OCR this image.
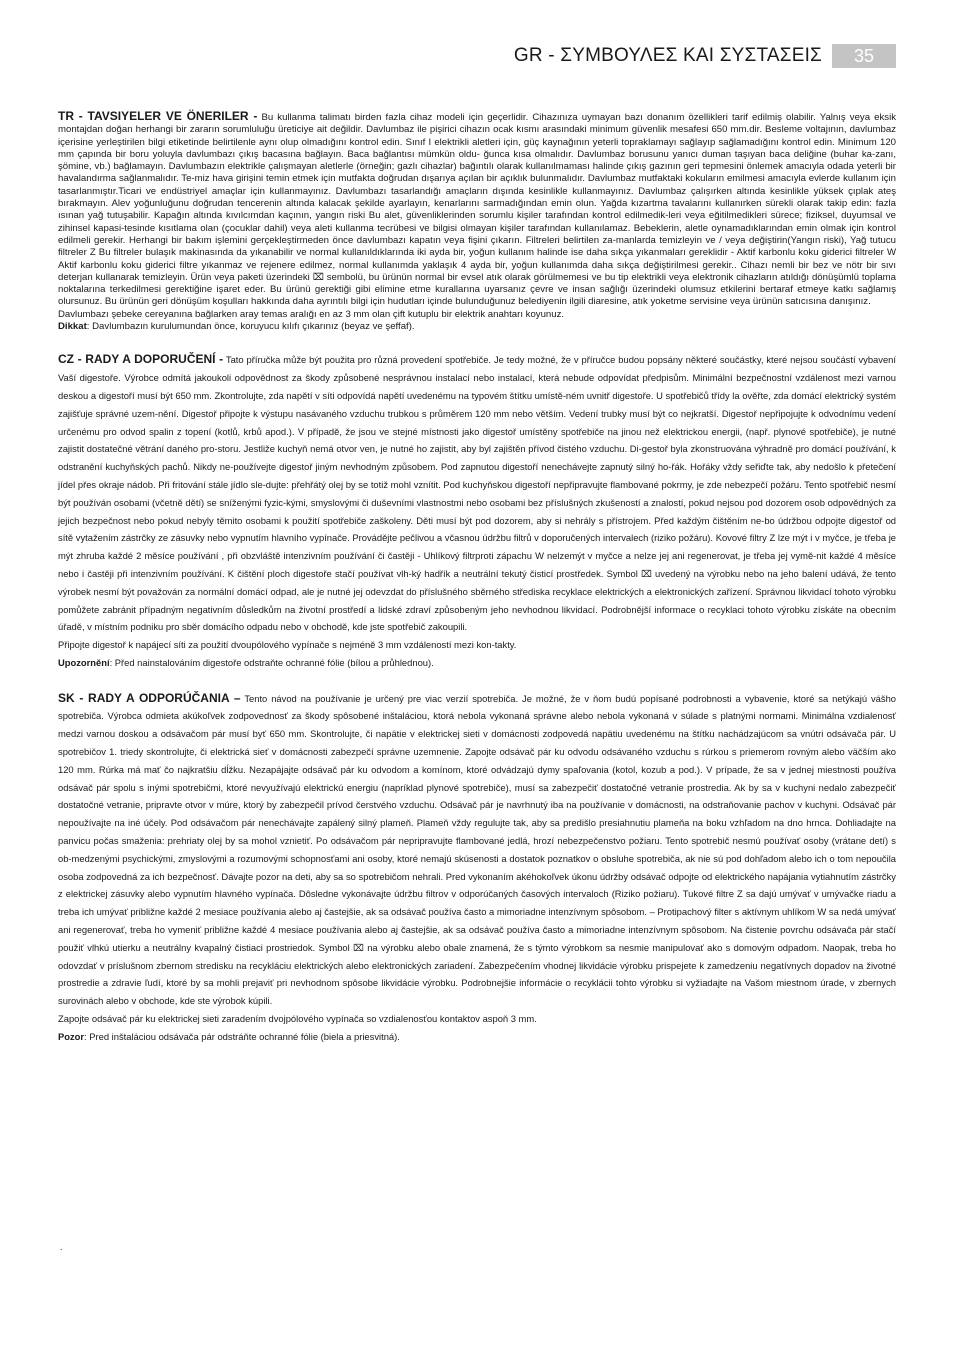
GR - ΣΥΜΒΟΥΛΕΣ ΚΑΙ ΣΥΣΤΑΣΕΙΣ	35
TR - TAVSIYELER VE ÖNERILER - Bu kullanma talimatı birden fazla cihaz modeli için geçerlidir. Cihazınıza uymayan bazı donanım özellikleri tarif edilmiş olabilir. Yalnış veya eksik montajdan doğan herhangi bir zararın sorumluluğu üreticiye ait değildir. Davlumbaz ile pişirici cihazın ocak kısmı arasındaki minimum güvenlik mesafesi 650 mm.dir. Besleme voltajının, davlumbaz içerisine yerleştirilen bilgi etiketinde belirtilenle aynı olup olmadığını kontrol edin. Sınıf I elektrikli aletleri için, güç kaynağının yeterli topraklamayı sağlayıp sağlamadığını kontrol edin. Minimum 120 mm çapında bir boru yoluyla davlumbazı çıkış bacasına bağlayın. Baca bağlantısı mümkün oldu- ğunca kısa olmalıdır. Davlumbaz borusunu yanıcı duman taşıyan baca deliğine (buhar ka-zanı, şömine, vb.) bağlamayın. Davlumbazın elektrikle çalışmayan aletlerle (örneğin; gazlı cihazlar) bağıntılı olarak kullanılmaması halinde çıkış gazının geri tepmesini önlemek amacıyla odada yeterli bir havalandırma sağlanmalıdır. Te-miz hava girişini temin etmek için mutfakta doğrudan dışarıya açılan bir açıklık bulunmalıdır. Davlumbaz mutfaktaki kokuların emilmesi amacıyla evlerde kullanım için tasarlanmıştır.Ticari ve endüstriyel amaçlar için kullanmayınız. Davlumbazı tasarlandığı amaçların dışında kesinlikle kullanmayınız. Davlumbaz çalışırken altında kesinlikle yüksek çıplak ateş bırakmayın. Alev yoğunluğunu doğrudan tencerenin altında kalacak şekilde ayarlayın, kenarlarını sarmadığından emin olun. Yağda kızartma tavalarını kullanırken sürekli olarak takip edin: fazla ısınan yağ tutuşabilir. Kapağın altında kıvılcımdan kaçının, yangın riski Bu alet, güvenliklerinden sorumlu kişiler tarafından kontrol edilmedik-leri veya eğitilmedikleri sürece; fiziksel, duyumsal ve zihinsel kapasi-tesinde kısıtlama olan (çocuklar dahil) veya aleti kullanma tecrübesi ve bilgisi olmayan kişiler tarafından kullanılamaz. Bebeklerin, aletle oynamadıklarından emin olmak için kontrol edilmeli gerekir. Herhangi bir bakım işlemini gerçekleştirmeden önce davlumbazı kapatın veya fişini çıkarın. Filtreleri belirtilen za-manlarda temizleyin ve / veya değiştirin(Yangın riski), Yağ tutucu filtreler Z Bu filtreler bulaşık makinasında da yıkanabilir ve normal kullanıldıklarında iki ayda bir, yoğun kullanım halinde ise daha sıkça yıkanmaları gereklidir - Aktif karbonlu koku giderici filtreler W Aktif karbonlu koku giderici filtre yıkanmaz ve rejenere edilmez, normal kullanımda yaklaşık 4 ayda bir, yoğun kullanımda daha sıkça değiştirilmesi gerekir.. Cihazı nemli bir bez ve nötr bir sıvı deterjan kullanarak temizleyin. Ürün veya paketi üzerindeki ⌧ sembolü, bu ürünün normal bir evsel atık olarak görülmemesi ve bu tip elektrikli veya elektronik cihazların atıldığı dönüşümlü toplama noktalarına terkedilmesi gerektiğine işaret eder. Bu ürünü gerektiği gibi elimine etme kurallarına uyarsanız çevre ve insan sağlığı üzerindeki olumsuz etkilerini bertaraf etmeye katkı sağlamış olursunuz. Bu ürünün geri dönüşüm koşulları hakkında daha ayrıntılı bilgi için hudutları içinde bulunduğunuz belediyenin ilgili diaresine, atık yoketme servisine veya ürünün satıcısına danışınız.
Davlumbazı şebeke cereyanına bağlarken aray temas aralığı en az 3 mm olan çift kutuplu bir elektrik anahtarı koyunuz.
Dikkat: Davlumbazın kurulumundan önce, koruyucu kılıfı çıkarınız (beyaz ve şeffaf).
CZ - RADY A DOPORUČENÍ - Tato příručka může být použita pro různá provedení spotřebiče. Je tedy možné, že v příručce budou popsány některé součástky, které nejsou součástí vybavení Vaší digestoře. Výrobce odmítá jakoukoli odpovědnost za škody způsobené nesprávnou instalací nebo instalací, která nebude odpovídat předpisům. Minimální bezpečnostní vzdálenost mezi varnou deskou a digestoří musí být 650 mm. Zkontrolujte, zda napětí v síti odpovídá napětí uvedenému na typovém štítku umístě-ném uvnitř digestoře. U spotřebičů třídy la ověřte, zda domácí elektrický systém zajišťuje správné uzem-nění. Digestoř připojte k výstupu nasávaného vzduchu trubkou s průměrem 120 mm nebo větším. Vedení trubky musí být co nejkratší. Digestoř nepřipojujte k odvodnímu vedení určenému pro odvod spalin z topení (kotlů, krbů apod.). V případě, že jsou ve stejné místnosti jako digestoř umístěny spotřebiče na jinou než elektrickou energii, (např. plynové spotřebiče), je nutné zajistit dostatečné větrání daného pro-storu. Jestliže kuchyň nemá otvor ven, je nutné ho zajistit, aby byl zajištěn přívod čistého vzduchu. Di-gestoř byla zkonstruována výhradně pro domácí používání, k odstranění kuchyňských pachů. Nikdy ne-používejte digestoř jiným nevhodným způsobem. Pod zapnutou digestoří nenechávejte zapnutý silný ho-řák. Hořáky vždy seřiďte tak, aby nedošlo k přetečení jídel přes okraje nádob. Při fritování stále jídlo sle-dujte: přehřátý olej by se totiž mohl vznítit. Pod kuchyňskou digestoří nepřipravujte flambované pokrmy, je zde nebezpečí požáru. Tento spotřebič nesmí být používán osobami (včetně dětí) se sníženými fyzic-kými, smyslovými či duševními vlastnostmi nebo osobami bez příslušných zkušeností a znalostí, pokud nejsou pod dozorem osob odpovědných za jejich bezpečnost nebo pokud nebyly těmito osobami k použití spotřebiče zaškoleny. Děti musí být pod dozorem, aby si nehrály s přístrojem. Před každým čištěním ne-bo údržbou odpojte digestoř od sítě vytažením zástrčky ze zásuvky nebo vypnutím hlavního vypínače. Provádějte pečlivou a včasnou údržbu filtrů v doporučených intervalech (riziko požáru). Kovové filtry Z lze mýt i v myčce, je třeba je mýt zhruba každé 2 měsíce používání , při obzvláště intenzivním používání či častěji - Uhlíkový filtrproti zápachu W nelzemýt v myčce a nelze jej ani regenerovat, je třeba jej vymě-nit každé 4 měsíce nebo i častěji při intenzivním používání. K čištění ploch digestoře stačí používat vlh-ký hadřík a neutrální tekutý čisticí prostředek. Symbol ⌧ uvedený na výrobku nebo na jeho balení udává, že tento výrobek nesmí být považován za normální domácí odpad, ale je nutné jej odevzdat do příslušného sběrného střediska recyklace elektrických a elektronických zařízení. Správnou likvidací tohoto výrobku pomůžete zabránit případným negativním důsledkům na životní prostředí a lidské zdraví způsobeným jeho nevhodnou likvidací. Podrobnější informace o recyklaci tohoto výrobku získáte na obecním úřadě, v místním podniku pro sběr domácího odpadu nebo v obchodě, kde jste spotřebič zakoupili.
Připojte digestoř k napájecí síti za použití dvoupólového vypínače s nejméně 3 mm vzdáleností mezi kon-takty.
Upozornění: Před nainstalováním digestoře odstraňte ochranné fólie (bílou a průhlednou).
SK - RADY A ODPORÚČANIA – Tento návod na používanie je určený pre viac verzií spotrebiča. Je možné, že v ňom budú popísané podrobnosti a vybavenie, ktoré sa netýkajú vášho spotrebiča. Výrobca odmieta akúkoľvek zodpovednosť za škody spôsobené inštaláciou, ktorá nebola vykonaná správne alebo nebola vykonaná v súlade s platnými normami. Minimálna vzdialenosť medzi varnou doskou a odsávačom pár musí byť 650 mm. Skontrolujte, či napätie v elektrickej sieti v domácnosti zodpovedá napätiu uvedenému na štítku nachádzajúcom sa vnútri odsávača pár. U spotrebičov 1. triedy skontrolujte, či elektrická sieť v domácnosti zabezpečí správne uzemnenie. Zapojte odsávač pár ku odvodu odsávaného vzduchu s rúrkou s priemerom rovným alebo väčším ako 120 mm. Rúrka má mať čo najkratšiu dĺžku. Nezapájajte odsávač pár ku odvodom a komínom, ktoré odvádzajú dymy spaľovania (kotol, kozub a pod.). V prípade, že sa v jednej miestnosti používa odsávač pár spolu s inými spotrebičmi, ktoré nevyužívajú elektrickú energiu (napríklad plynové spotrebiče), musí sa zabezpečiť dostatočné vetranie prostredia. Ak by sa v kuchyni nedalo zabezpečiť dostatočné vetranie, pripravte otvor v múre, ktorý by zabezpečil prívod čerstvého vzduchu. Odsávač pár je navrhnutý iba na používanie v domácnosti, na odstraňovanie pachov v kuchyni. Odsávač pár nepoužívajte na iné účely. Pod odsávačom pár nenechávajte zapálený silný plameň. Plameň vždy regulujte tak, aby sa predišlo presiahnutiu plameňa na boku vzhľadom na dno hrnca. Dohliadajte na panvicu počas smaženia: prehriaty olej by sa mohol vznietiť. Po odsávačom pár nepripravujte flambované jedlá, hrozí nebezpečenstvo požiaru. Tento spotrebič nesmú používať osoby (vrátane detí) s ob-medzenými psychickými, zmyslovými a rozumovými schopnosťami ani osoby, ktoré nemajú skúsenosti a dostatok poznatkov o obsluhe spotrebiča, ak nie sú pod dohľadom alebo ich o tom nepoučila osoba zodpovedná za ich bezpečnosť. Dávajte pozor na deti, aby sa so spotrebičom nehrali. Pred vykonaním akéhokoľvek úkonu údržby odsávač odpojte od elektrického napájania vytiahnutím zástrčky z elektrickej zásuvky alebo vypnutím hlavného vypínača. Dôsledne vykonávajte údržbu filtrov v odporúčaných časových intervaloch (Riziko požiaru). Tukové filtre Z sa dajú umývať v umývačke riadu a treba ich umývať približne každé 2 mesiace používania alebo aj častejšie, ak sa odsávač používa často a mimoriadne intenzívnym spôsobom. – Protipachový filter s aktívnym uhlíkom W sa nedá umývať ani regenerovať, treba ho vymeniť približne každé 4 mesiace používania alebo aj častejšie, ak sa odsávač používa často a mimoriadne intenzívnym spôsobom. Na čistenie povrchu odsávača pár stačí použiť vlhkú utierku a neutrálny kvapalný čistiaci prostriedok. Symbol ⌧ na výrobku alebo obale znamená, že s týmto výrobkom sa nesmie manipulovať ako s domovým odpadom. Naopak, treba ho odovzdať v príslušnom zbernom stredisku na recykláciu elektrických alebo elektronických zariadení. Zabezpečením vhodnej likvidácie výrobku prispejete k zamedzeniu negatívnych dopadov na životné prostredie a zdravie ľudí, ktoré by sa mohli prejaviť pri nevhodnom spôsobe likvidácie výrobku. Podrobnejšie informácie o recyklácii tohto výrobku si vyžiadajte na Vašom miestnom úrade, v zbernych surovinách alebo v obchode, kde ste výrobok kúpili.
Zapojte odsávač pár ku elektrickej sieti zaradením dvojpólového vypínača so vzdialenosťou kontaktov aspoň 3 mm.
Pozor: Pred inštaláciou odsávača pár odstráňte ochranné fólie (biela a priesvitná).
.
